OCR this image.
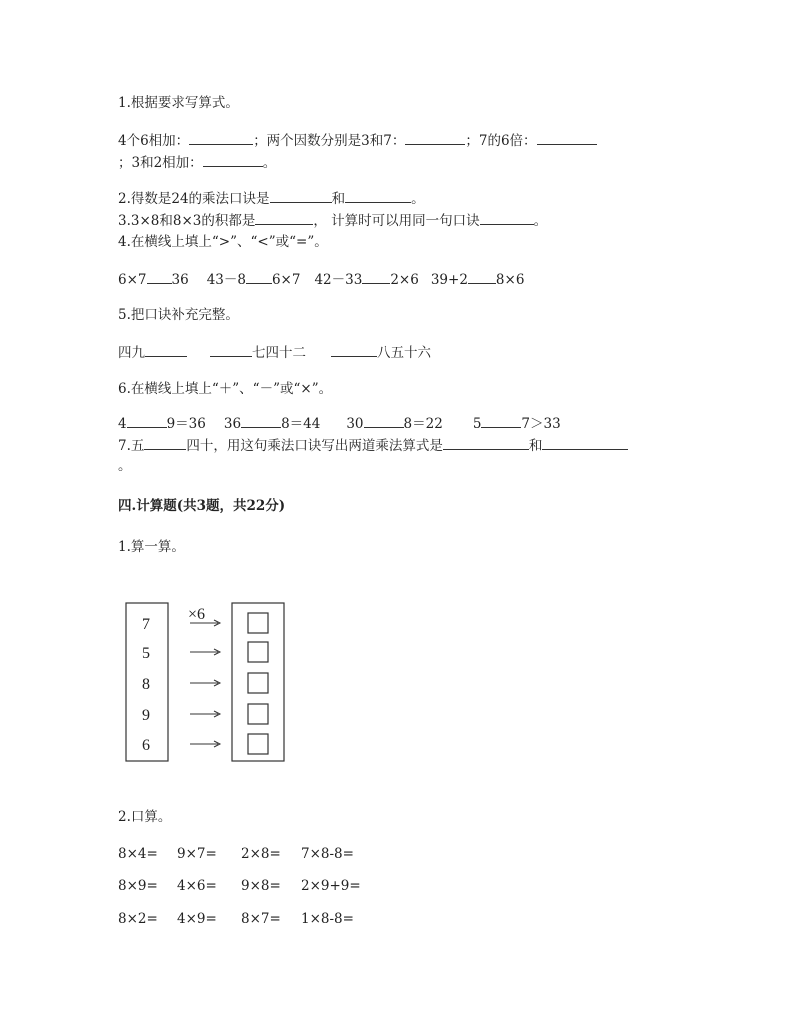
1.根据要求写算式。
4个6相加：	；两个因数分别是3和7：	；7的6倍：
；3和2相加：	。
2.得数是24的乘法口诀是	和	。
3.3×8和8×3的积都是	， 计算时可以用同一句口诀	。
4.在横线上填上“>”、“<”或“=”。
6×7 36 43－8 6×7 42－33 2×6 39+2 8×6
5.把口诀补充完整。
四九	七四十二	八五十六
6.在横线上填上“＋”、“－”或“×”。
4	9＝36 36	8＝44 30	8＝22 5	7＞33
7.五	四十，用这句乘法口诀写出两道乘法算式是	和
。
四.计算题(共3题，共22分)
1.算一算。
×6
7
5
8
9
6
2.口算。
8×4= 9×7= 2×8= 7×8-8=
8×9= 4×6= 9×8= 2×9+9=
8×2= 4×9= 8×7= 1×8-8=
